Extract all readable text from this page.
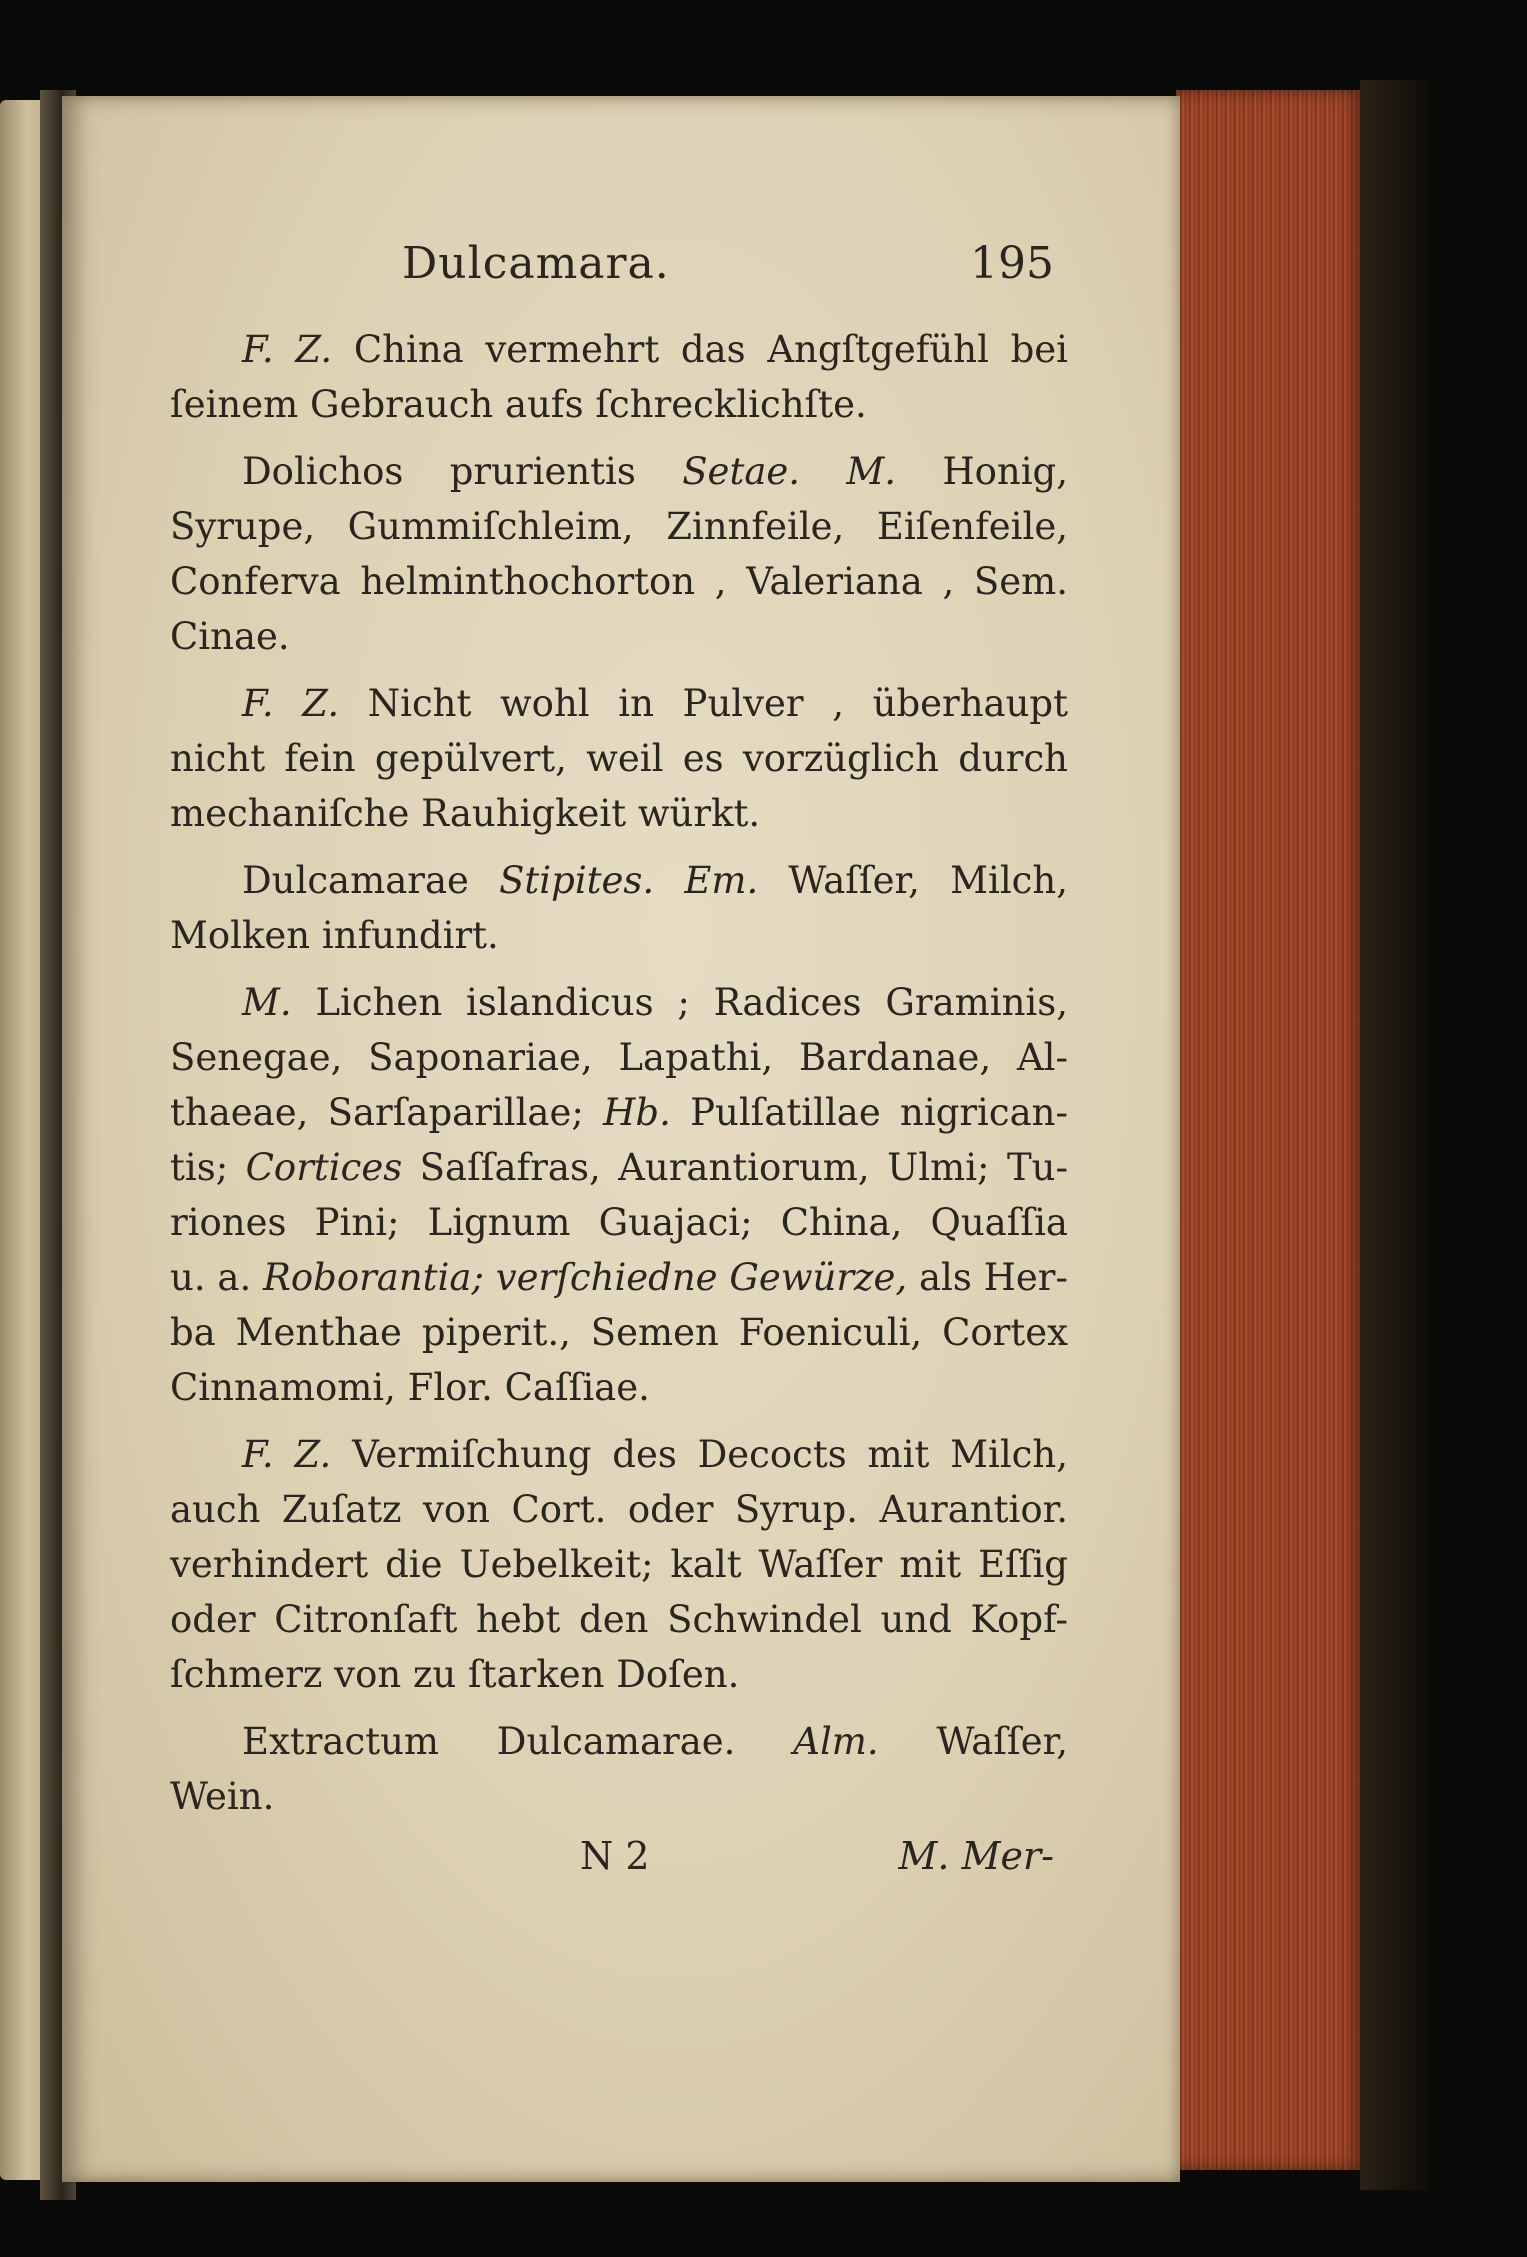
Dulcamara.	195

F. Z. China vermehrt das Angſtgefühl bei
ſeinem Gebrauch aufs ſchrecklichſte.

Dolichos prurientis Setae. M. Honig,
Syrupe, Gummiſchleim, Zinnfeile, Eiſenfeile,
Conferva helminthochorton , Valeriana , Sem.
Cinae.

F. Z. Nicht wohl in Pulver , überhaupt
nicht fein gepülvert, weil es vorzüglich durch
mechaniſche Rauhigkeit würkt.

Dulcamarae Stipites. Em. Waſſer, Milch,
Molken infundirt.

M. Lichen islandicus ; Radices Graminis,
Senegae, Saponariae, Lapathi, Bardanae, Al-
thaeae, Sarſaparillae; Hb. Pulſatillae nigrican-
tis; Cortices Saſſafras, Aurantiorum, Ulmi; Tu-
riones Pini; Lignum Guajaci; China, Quaſſia
u. a. Roborantia; verſchiedne Gewürze, als Her-
ba Menthae piperit., Semen Foeniculi, Cortex
Cinnamomi, Flor. Caſſiae.

F. Z. Vermiſchung des Decocts mit Milch,
auch Zuſatz von Cort. oder Syrup. Aurantior.
verhindert die Uebelkeit; kalt Waſſer mit Eſſig
oder Citronſaft hebt den Schwindel und Kopf-
ſchmerz von zu ſtarken Doſen.

Extractum Dulcamarae. Alm. Waſſer,
Wein.

N 2	M. Mer-
